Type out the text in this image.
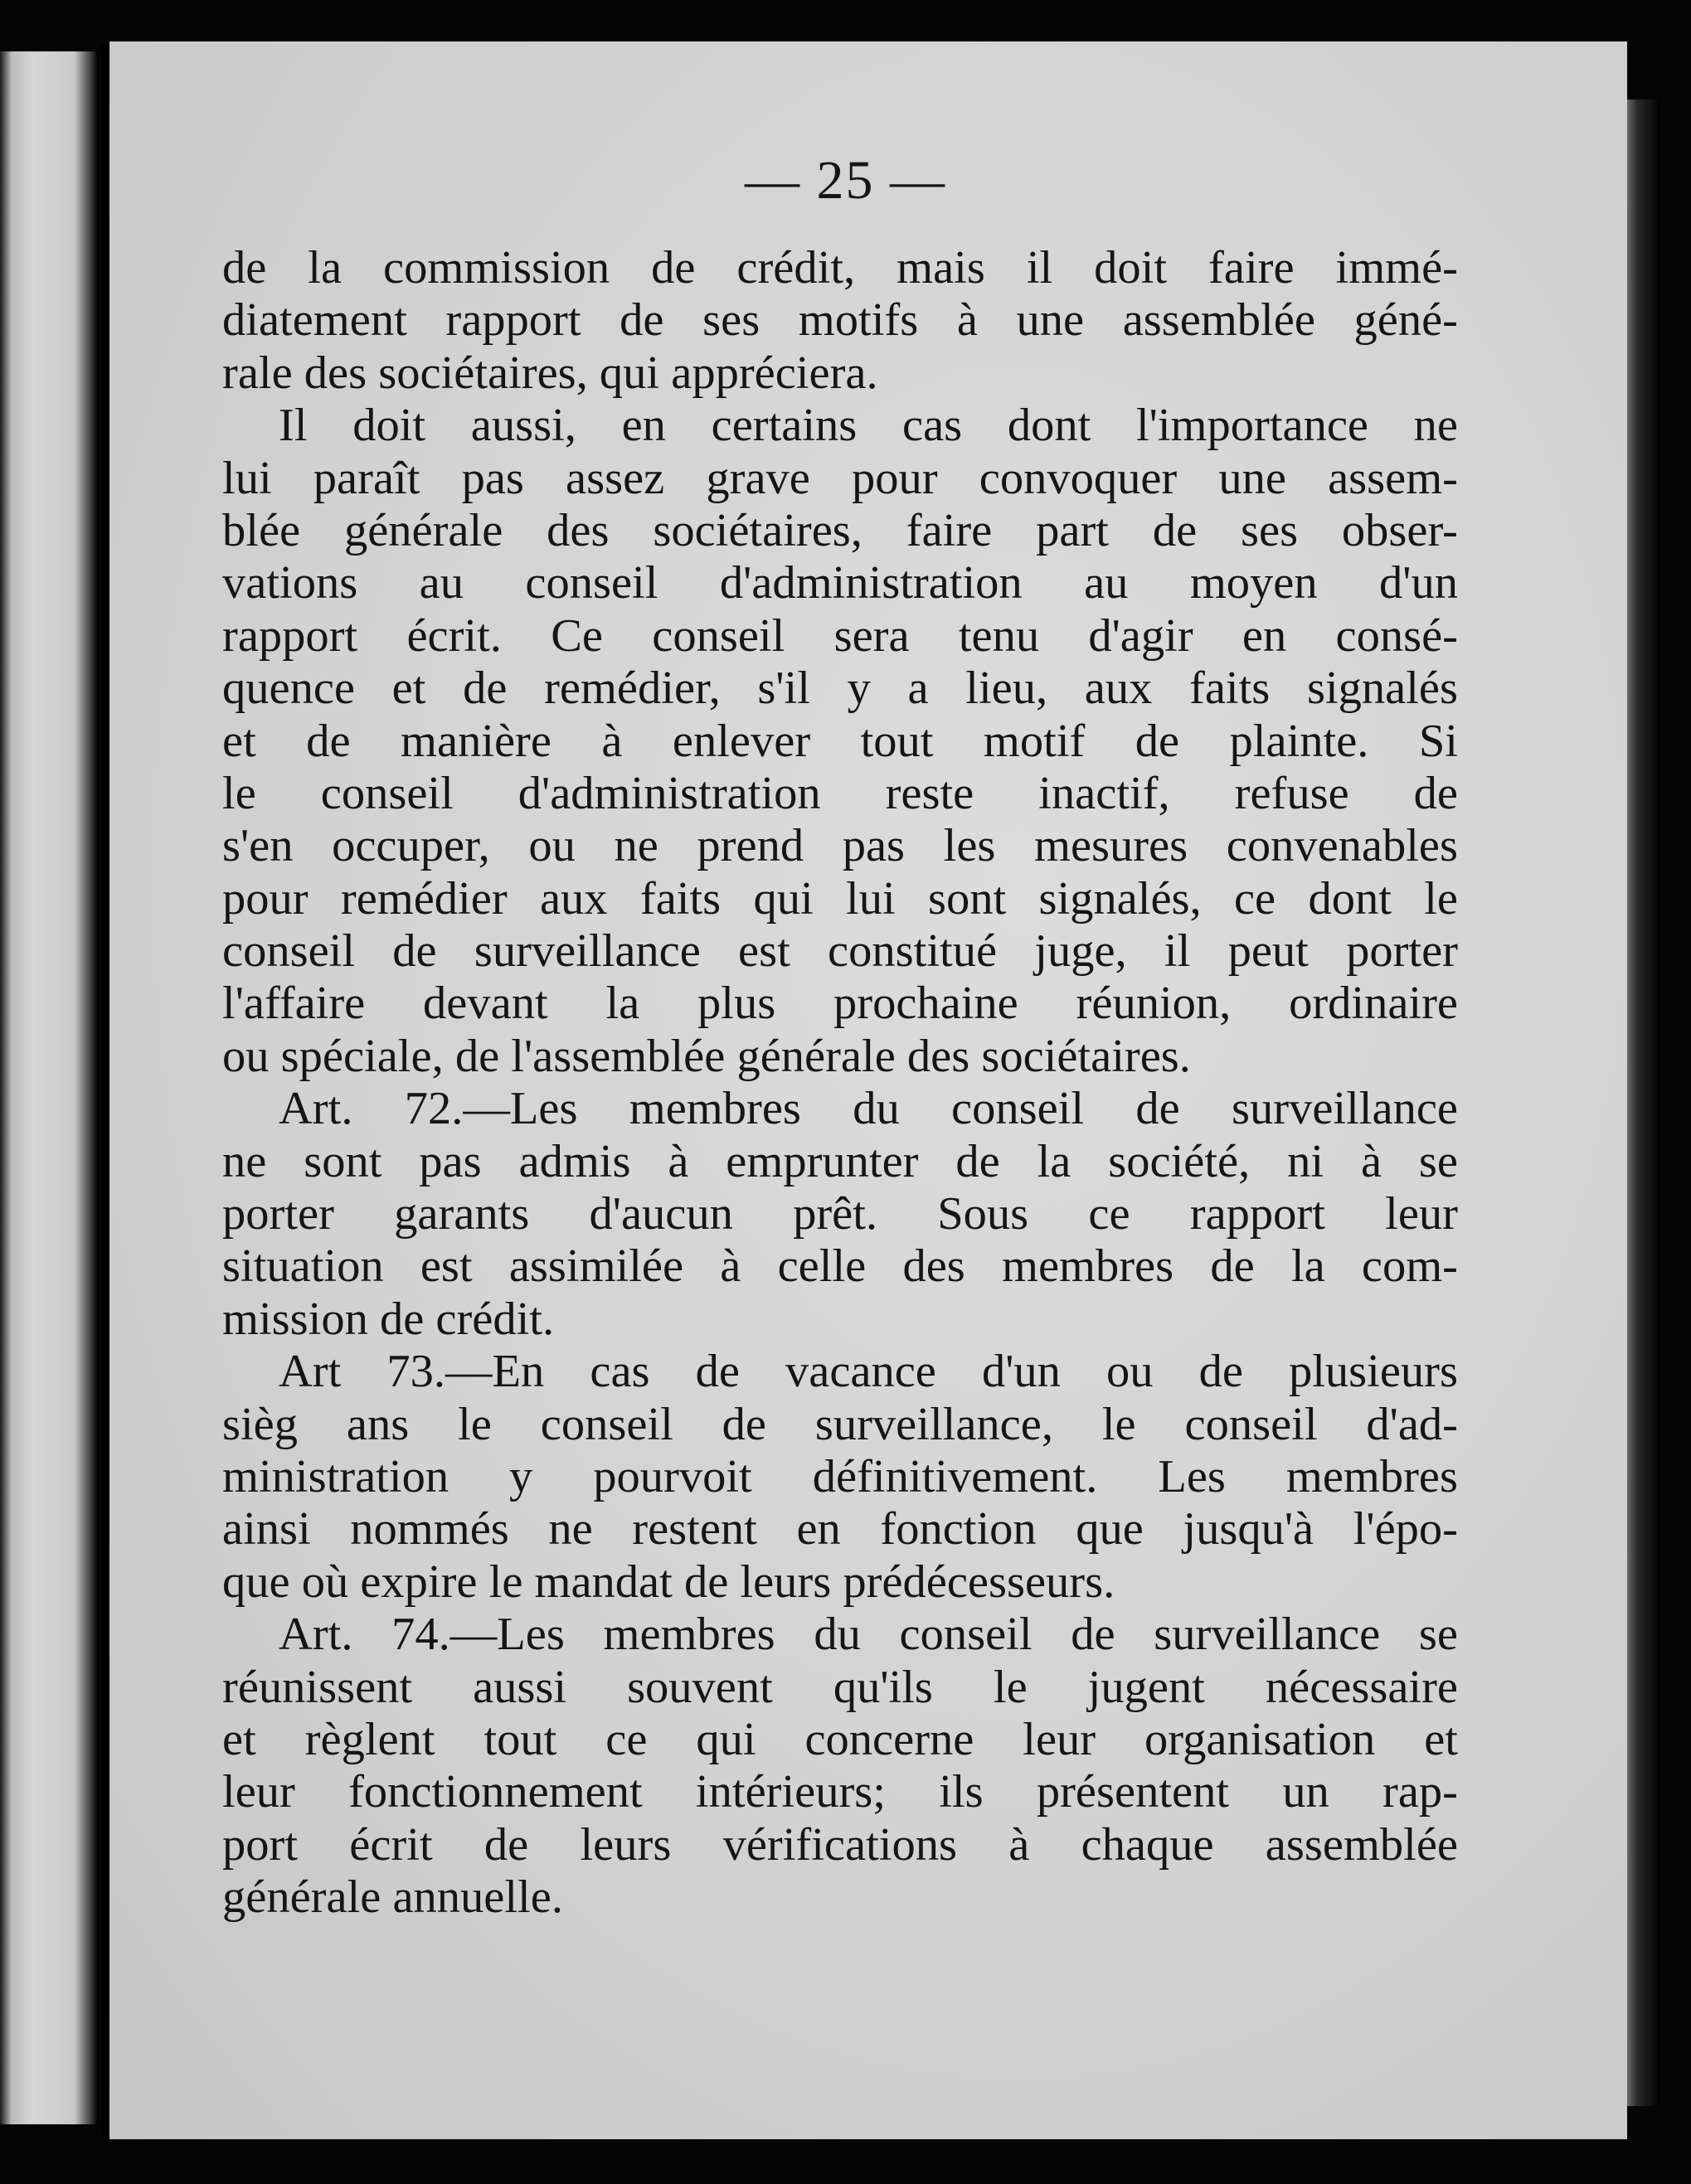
— 25 —
de la commission de crédit, mais il doit faire immé-
diatement rapport de ses motifs à une assemblée géné-
rale des sociétaires, qui appréciera.
Il doit aussi, en certains cas dont l'importance ne
lui paraît pas assez grave pour convoquer une assem-
blée générale des sociétaires, faire part de ses obser-
vations au conseil d'administration au moyen d'un
rapport écrit. Ce conseil sera tenu d'agir en consé-
quence et de remédier, s'il y a lieu, aux faits signalés
et de manière à enlever tout motif de plainte. Si
le conseil d'administration reste inactif, refuse de
s'en occuper, ou ne prend pas les mesures convenables
pour remédier aux faits qui lui sont signalés, ce dont le
conseil de surveillance est constitué juge, il peut porter
l'affaire devant la plus prochaine réunion, ordinaire
ou spéciale, de l'assemblée générale des sociétaires.
Art. 72.—Les membres du conseil de surveillance
ne sont pas admis à emprunter de la société, ni à se
porter garants d'aucun prêt. Sous ce rapport leur
situation est assimilée à celle des membres de la com-
mission de crédit.
Art 73.—En cas de vacance d'un ou de plusieurs
sièg ans le conseil de surveillance, le conseil d'ad-
ministration y pourvoit définitivement. Les membres
ainsi nommés ne restent en fonction que jusqu'à l'épo-
que où expire le mandat de leurs prédécesseurs.
Art. 74.—Les membres du conseil de surveillance se
réunissent aussi souvent qu'ils le jugent nécessaire
et règlent tout ce qui concerne leur organisation et
leur fonctionnement intérieurs; ils présentent un rap-
port écrit de leurs vérifications à chaque assemblée
générale annuelle.
